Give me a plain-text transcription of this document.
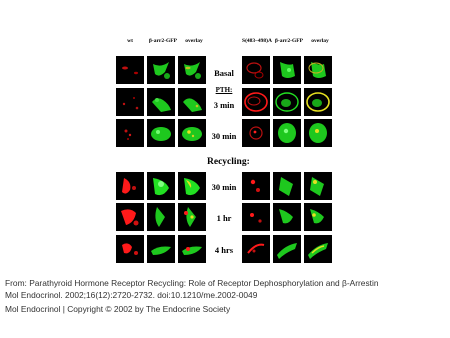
wt	β-arr2-GFP	overlay	S(483–498)A β-arr2-GFP	overlay
Basal
PTH:
3 min
30 min
Recycling:
30 min
1 hr
4 hrs
From: Parathyroid Hormone Receptor Recycling: Role of Receptor Dephosphorylation and β-Arrestin
Mol Endocrinol. 2002;16(12):2720-2732. doi:10.1210/me.2002-0049
Mol Endocrinol | Copyright © 2002 by The Endocrine Society
